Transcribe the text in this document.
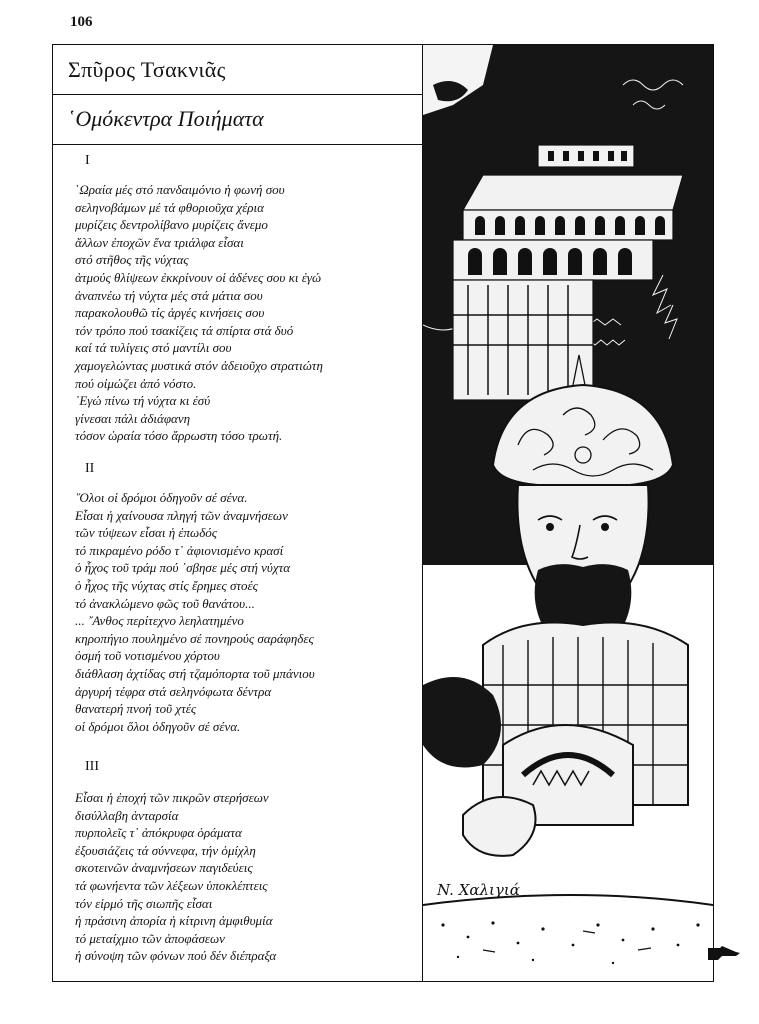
106
Σπῦρος Τσακνιᾶς
῾Ομόκεντρα Ποιήματα
I
῾Ωραία μές στό πανδαιμόνιο ἡ φωνή σου
σεληνοβάμων μέ τά φθοριοῦχα χέρια
μυρίζεις δεντρολίβανο μυρίζεις ἄνεμο
ἄλλων ἐποχῶν ἕνα τριάλφα εἶσαι
στό στῆθος τῆς νύχτας
ἀτμούς θλίψεων ἐκκρίνουν οἱ ἀδένες σου κι ἐγώ
ἀναπνέω τή νύχτα μές στά μάτια σου
παρακολουθῶ τίς ἀργές κινήσεις σου
τόν τρόπο πού τσακίζεις τά σπίρτα στά δυό
καί τά τυλίγεις στό μαντίλι σου
χαμογελώντας μυστικά στόν ἀδειοῦχο στρατιώτη
πού οἰμώζει ἀπό νόστο.
᾿Εγώ πίνω τή νύχτα κι ἐσύ
γίνεσαι πάλι ἀδιάφανη
τόσον ὡραία τόσο ἄρρωστη τόσο τρωτή.
II
῞Ολοι οἱ δρόμοι ὁδηγοῦν σέ σένα.
Εἶσαι ἡ χαίνουσα πληγή τῶν ἀναμνήσεων
τῶν τύψεων εἶσαι ἡ ἐπωδός
τό πικραμένο ρόδο τ᾿ ἀφιονισμένο κρασί
ὁ ἦχος τοῦ τράμ πού ᾿σβησε μές στή νύχτα
ὁ ἦχος τῆς νύχτας στίς ἔρημες στοές
τό ἀνακλώμενο φῶς τοῦ θανάτου...
... ῎Ανθος περίτεχνο λεηλατημένο
κηροπήγιο πουλημένο σέ πονηρούς σαράφηδες
ὀσμή τοῦ νοτισμένου χόρτου
διάθλαση ἀχτίδας στή τζαμόπορτα τοῦ μπάνιου
ἀργυρή τέφρα στά σεληνόφωτα δέντρα
θανατερή πνοή τοῦ χτές
οἱ δρόμοι ὅλοι ὁδηγοῦν σέ σένα.
III
Εἶσαι ἡ ἐποχή τῶν πικρῶν στερήσεων
δισύλλαβη ἀνταρσία
πυρπολεῖς τ᾿ ἀπόκρυφα ὁράματα
ἐξουσιάζεις τά σύννεφα, τήν ὁμίχλη
σκοτεινῶν ἀναμνήσεων παγιδεύεις
τά φωνήεντα τῶν λέξεων ὑποκλέπτεις
τόν εἱρμό τῆς σιωπῆς εἶσαι
ἡ πράσινη ἀπορία ἡ κίτρινη ἀμφιθυμία
τό μεταίχμιο τῶν ἀποφάσεων
ἡ σύνοψη τῶν φόνων πού δέν διέπραξα
N. Χαλιγιά
